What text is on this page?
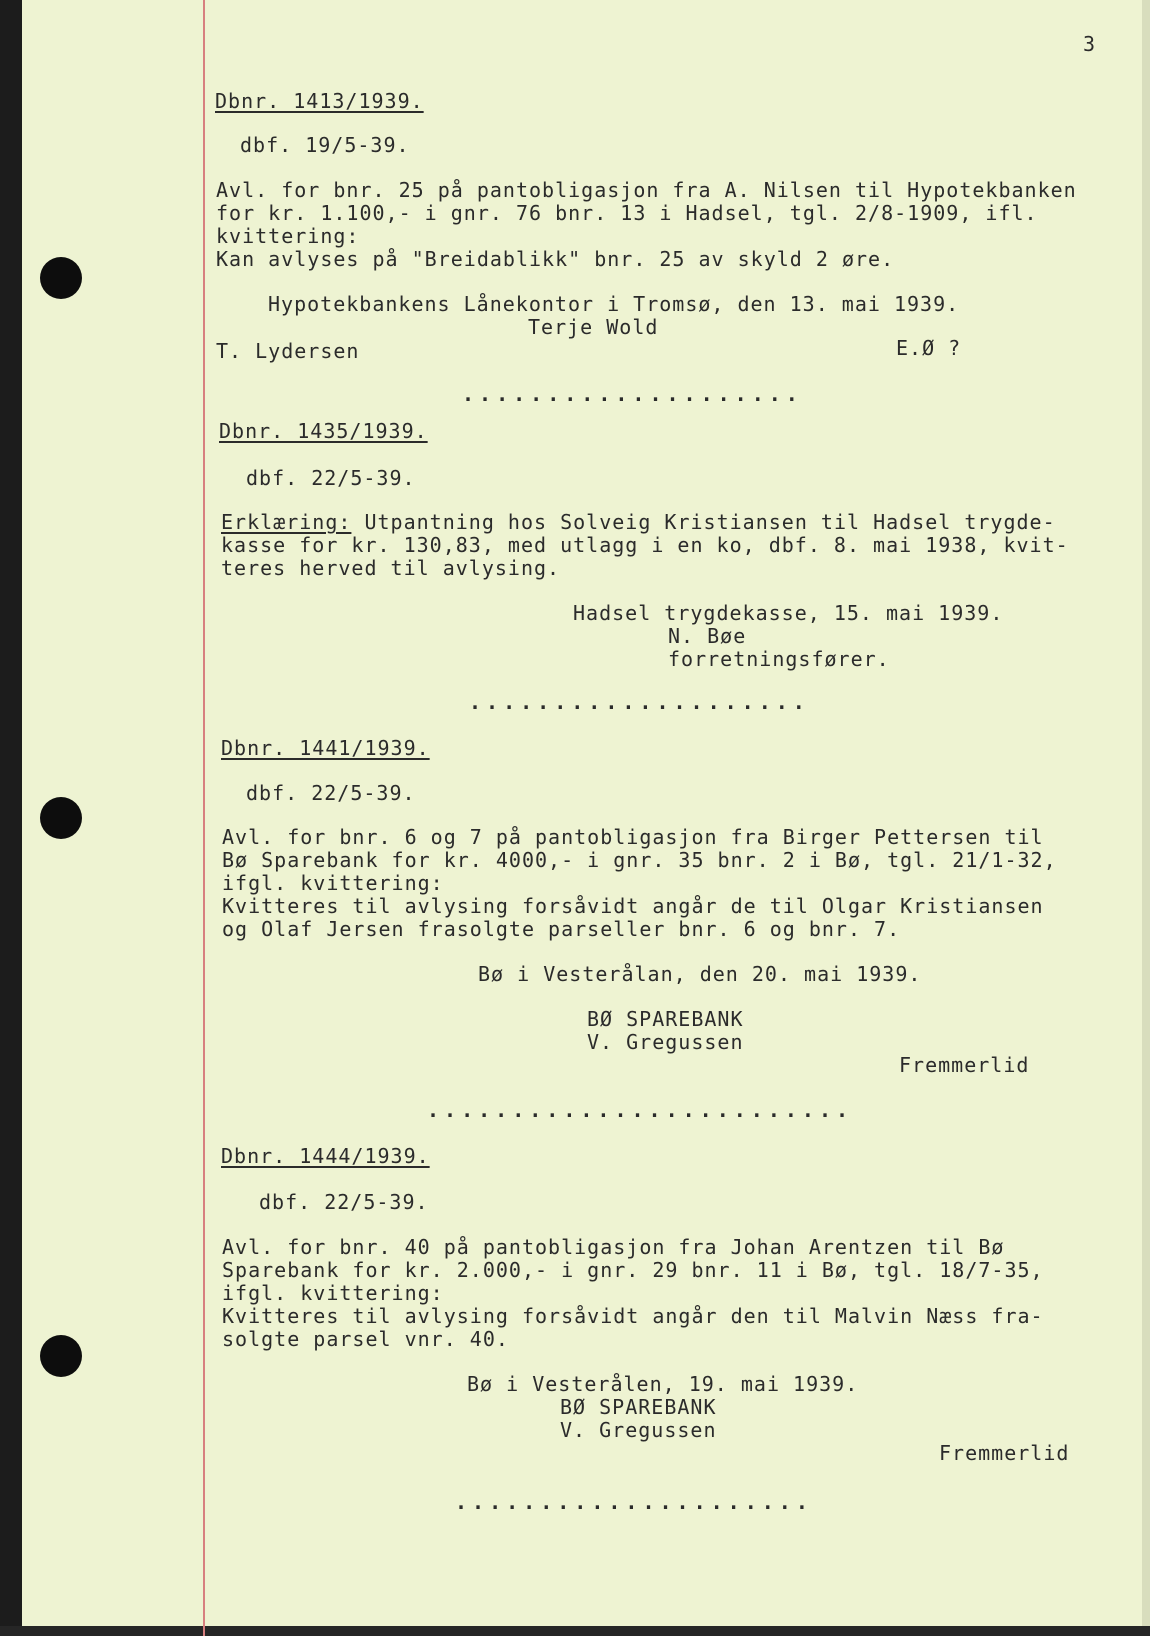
3
Dbnr. 1413/1939.
dbf. 19/5-39.
Avl. for bnr. 25 på pantobligasjon fra A. Nilsen til Hypotekbanken
for kr. 1.100,- i gnr. 76 bnr. 13 i Hadsel, tgl. 2/8-1909, ifl.
kvittering:
Kan avlyses på "Breidablikk" bnr. 25 av skyld 2 øre.
Hypotekbankens Lånekontor i Tromsø, den 13. mai 1939.
Terje Wold
T. Lydersen	E.Ø ?
....................
Dbnr. 1435/1939.
dbf. 22/5-39.
Erklæring: Utpantning hos Solveig Kristiansen til Hadsel trygde-
kasse for kr. 130,83, med utlagg i en ko, dbf. 8. mai 1938, kvit-
teres herved til avlysing.
Hadsel trygdekasse, 15. mai 1939.
N. Bøe
forretningsfører.
....................
Dbnr. 1441/1939.
dbf. 22/5-39.
Avl. for bnr. 6 og 7 på pantobligasjon fra Birger Pettersen til
Bø Sparebank for kr. 4000,- i gnr. 35 bnr. 2 i Bø, tgl. 21/1-32,
ifgl. kvittering:
Kvitteres til avlysing forsåvidt angår de til Olgar Kristiansen
og Olaf Jersen frasolgte parseller bnr. 6 og bnr. 7.
Bø i Vesterålan, den 20. mai 1939.
BØ SPAREBANK
V. Gregussen
Fremmerlid
.........................
Dbnr. 1444/1939.
dbf. 22/5-39.
Avl. for bnr. 40 på pantobligasjon fra Johan Arentzen til Bø
Sparebank for kr. 2.000,- i gnr. 29 bnr. 11 i Bø, tgl. 18/7-35,
ifgl. kvittering:
Kvitteres til avlysing forsåvidt angår den til Malvin Næss fra-
solgte parsel vnr. 40.
Bø i Vesterålen, 19. mai 1939.
BØ SPAREBANK
V. Gregussen
Fremmerlid
.....................
